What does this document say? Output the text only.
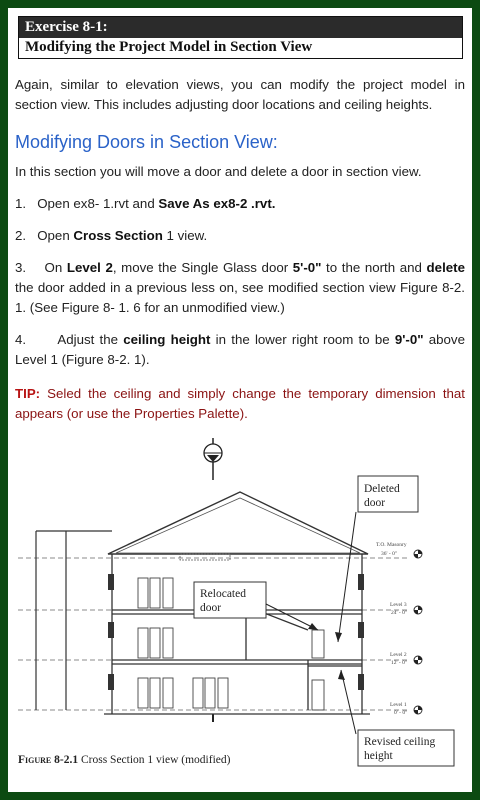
Exercise 8-1:
Modifying the Project Model in Section View
Again, similar to elevation views, you can modify the project model in section view. This includes adjusting door locations and ceiling heights.
Modifying Doors in Section View:
In this section you will move a door and delete a door in section view.
1. Open ex8- 1.rvt and Save As ex8-2 .rvt.
2. Open Cross Section 1 view.
3. On Level 2, move the Single Glass door 5'-0" to the north and delete the door added in a previous less on, see modified section view Figure 8-2. 1. (See Figure 8- 1. 6 for an unmodified view.)
4. Adjust the ceiling height in the lower right room to be 9'-0" above Level 1 (Figure 8-2. 1).
TIP: Seled the ceiling and simply change the temporary dimension that appears (or use the Properties Palette).
Deleted
door
Relocated
door
Revised ceiling
height
T.O. Masonry
36' - 0"
Level 3
24' - 0"
Level 2
12' - 0"
Level 1
0' - 0"
Figure 8-2.1 Cross Section 1 view (modified)
